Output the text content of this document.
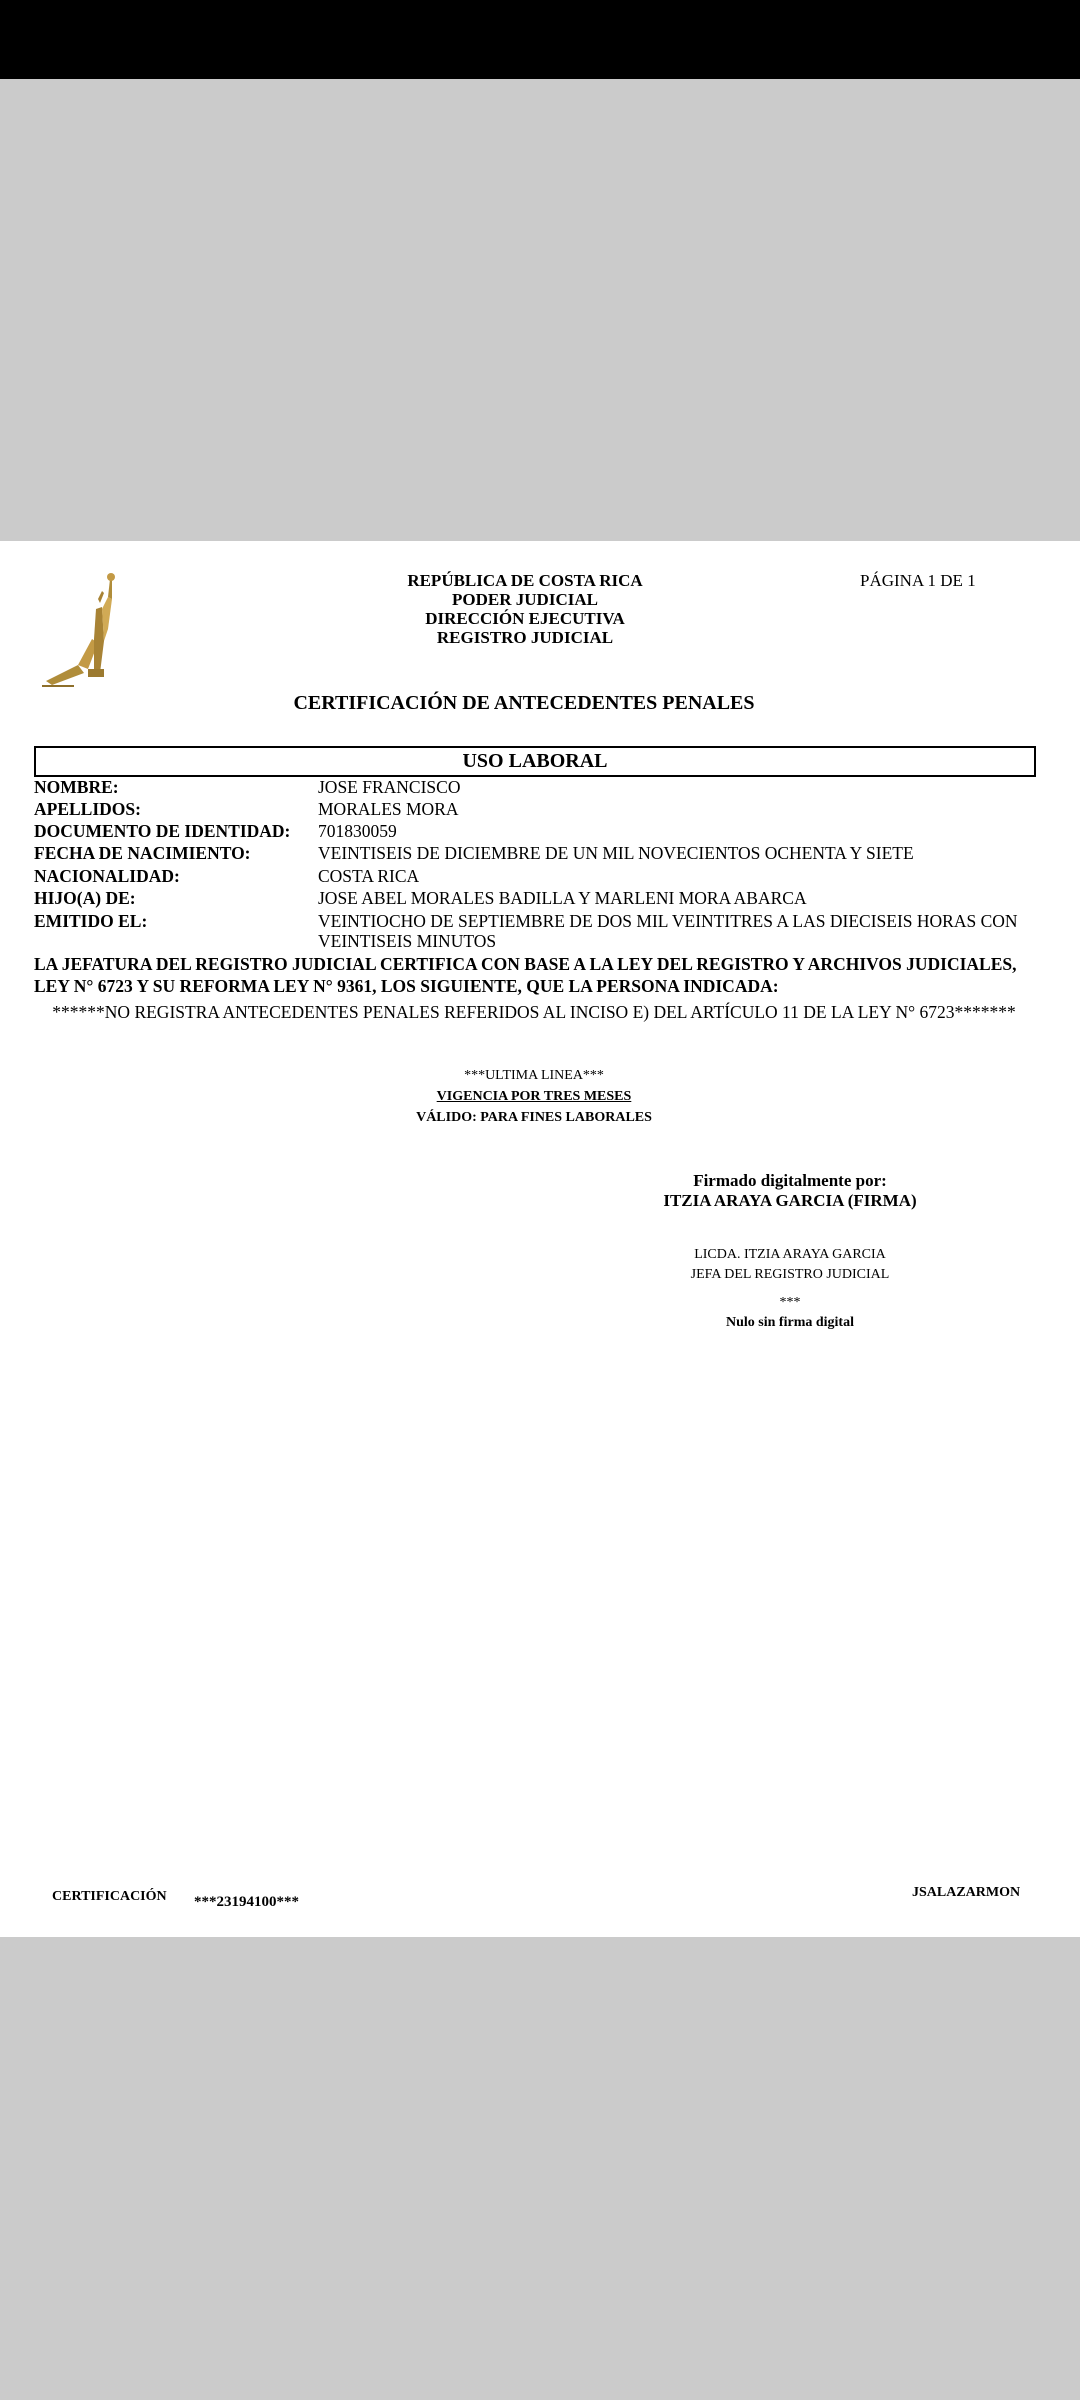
REPÚBLICA DE COSTA RICA
PODER JUDICIAL
DIRECCIÓN EJECUTIVA
REGISTRO JUDICIAL
PÁGINA 1 DE 1
CERTIFICACIÓN DE ANTECEDENTES PENALES
USO LABORAL
NOMBRE:	JOSE FRANCISCO
APELLIDOS:	MORALES MORA
DOCUMENTO DE IDENTIDAD: 701830059
FECHA DE NACIMIENTO:	VEINTISEIS DE DICIEMBRE DE UN MIL NOVECIENTOS OCHENTA Y SIETE
NACIONALIDAD:	COSTA RICA
HIJO(A) DE:	JOSE ABEL MORALES BADILLA Y MARLENI MORA ABARCA
EMITIDO EL:	VEINTIOCHO DE SEPTIEMBRE DE DOS MIL VEINTITRES A LAS DIECISEIS HORAS CON VEINTISEIS MINUTOS
LA JEFATURA DEL REGISTRO JUDICIAL CERTIFICA CON BASE A LA LEY DEL REGISTRO Y ARCHIVOS JUDICIALES, LEY N° 6723 Y SU REFORMA LEY N° 9361, LOS SIGUIENTE, QUE LA PERSONA INDICADA:
******NO REGISTRA ANTECEDENTES PENALES REFERIDOS AL INCISO E) DEL ARTÍCULO 11 DE LA LEY N° 6723*******
***ULTIMA LINEA***
VIGENCIA POR TRES MESES
VÁLIDO: PARA FINES LABORALES
Firmado digitalmente por:
ITZIA ARAYA GARCIA (FIRMA)
LICDA. ITZIA ARAYA GARCIA
JEFA DEL REGISTRO JUDICIAL
***
Nulo sin firma digital
CERTIFICACIÓN ***23194100***
JSALAZARMON
